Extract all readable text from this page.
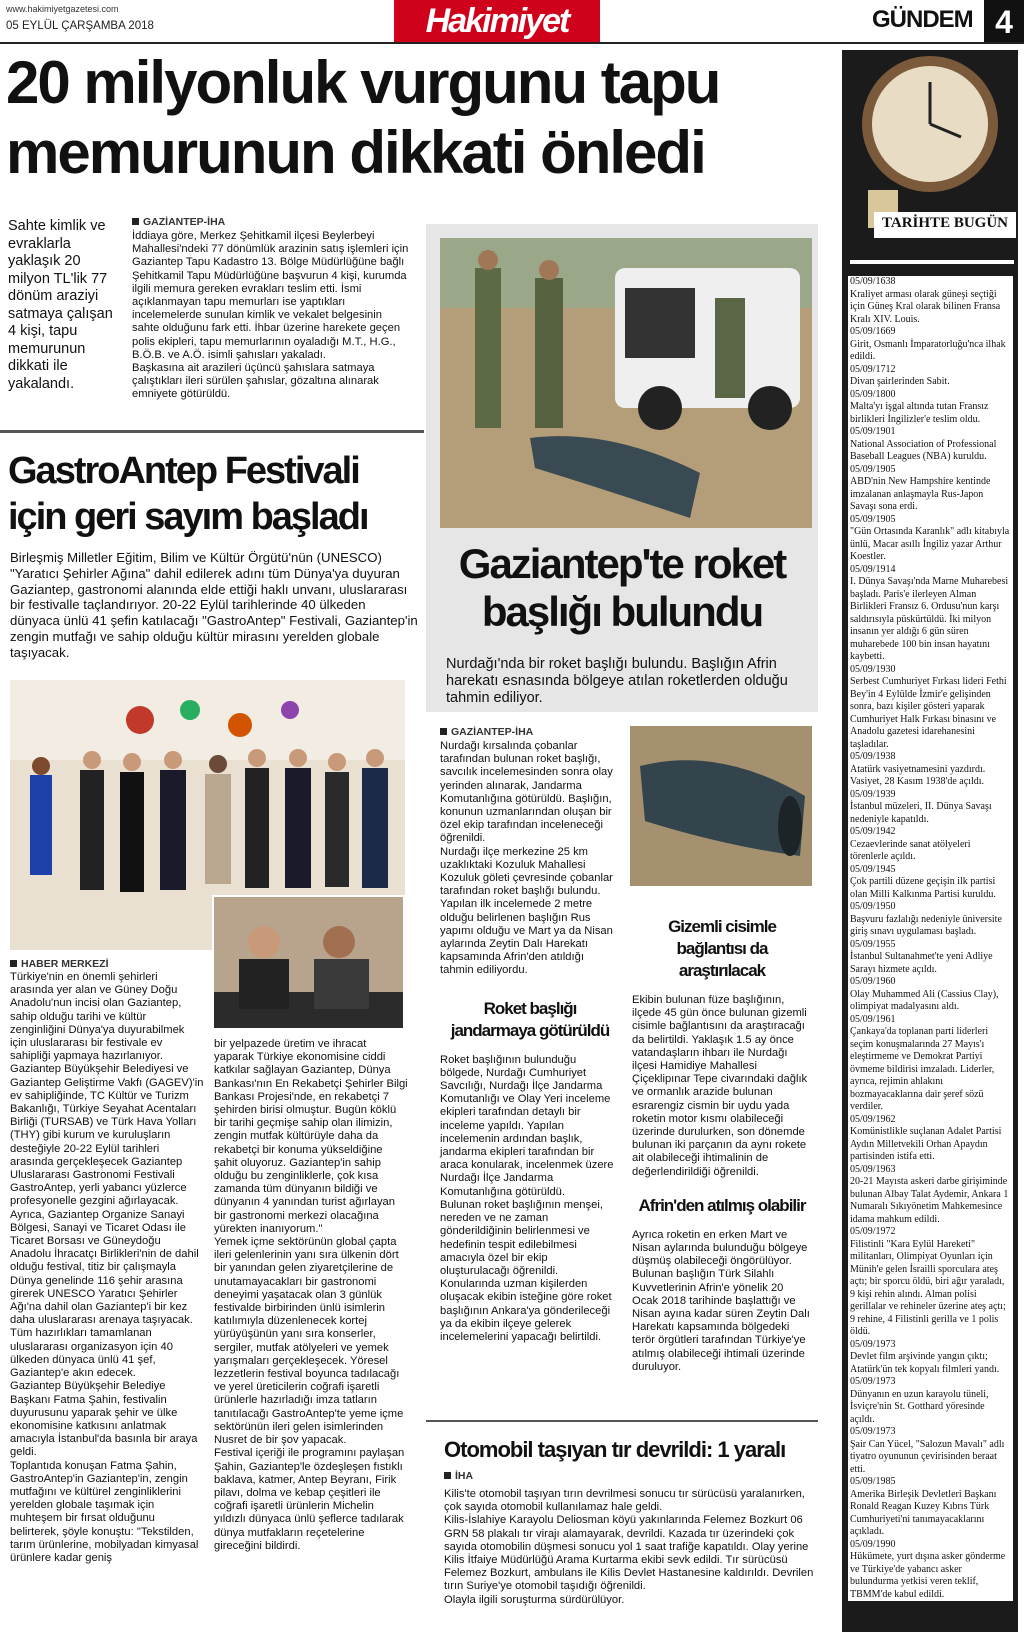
www.hakimiyetgazetesi.com
05 EYLÜL ÇARŞAMBA 2018	Hakimiyet	GÜNDEM 4
20 milyonluk vurgunu tapu
memurunun dikkati önledi
Sahte kimlik ve evraklarla yaklaşık 20 milyon TL'lik 77 dönüm araziyi satmaya çalışan 4 kişi, tapu memurunun dikkati ile yakalandı.
GAZİANTEP-İHA

İddiaya göre, Merkez Şehitkamil ilçesi Beylerbeyi Mahallesi'ndeki 77 dönümlük arazinin satış işlemleri için Gaziantep Tapu Kadastro 13. Bölge Müdürlüğüne bağlı Şehitkamil Tapu Müdürlüğüne başvurun 4 kişi, kurumda ilgili memura gereken evrakları teslim etti. İsmi açıklanmayan tapu memurları ise yaptıkları incelemelerde sunulan kimlik ve vekalet belgesinin sahte olduğunu fark etti. İhbar üzerine harekete geçen polis ekipleri, tapu memurlarının oyaladığı M.T., H.G., B.Ö.B. ve A.Ö. isimli şahısları yakaladı.

Başkasına ait arazileri üçüncü şahıslara satmaya çalıştıkları ileri sürülen şahıslar, gözaltına alınarak emniyete götürüldü.

GastroAntep Festivali
için geri sayım başladı
Birleşmiş Milletler Eğitim, Bilim ve Kültür Örgütü'nün (UNESCO) "Yaratıcı Şehirler Ağına" dahil edilerek adını tüm Dünya'ya duyuran Gaziantep, gastronomi alanında elde ettiği haklı unvanı, uluslararası bir festivalle taçlandırıyor. 20-22 Eylül tarihlerinde 40 ülkeden dünyaca ünlü 41 şefin katılacağı "GastroAntep" Festivali, Gaziantep'in zengin mutfağı ve sahip olduğu kültür mirasını yerelden globale taşıyacak.
HABER MERKEZİ

Türkiye'nin en önemli şehirleri arasında yer alan ve Güney Doğu Anadolu'nun incisi olan Gaziantep, sahip olduğu tarihi ve kültür zenginliğini Dünya'ya duyurabilmek için uluslararası bir festivale ev sahipliği yapmaya hazırlanıyor. Gaziantep Büyükşehir Belediyesi ve Gaziantep Geliştirme Vakfı (GAGEV)'in ev sahipliğinde, TC Kültür ve Turizm Bakanlığı, Türkiye Seyahat Acentaları Birliği (TURSAB) ve Türk Hava Yolları (THY) gibi kurum ve kuruluşların desteğiyle 20-22 Eylül tarihleri arasında gerçekleşecek Gaziantep Uluslararası Gastronomi Festivali GastroAntep, yerli yabancı yüzlerce profesyonelle gezgini ağırlayacak.

Ayrıca, Gaziantep Organize Sanayi Bölgesi, Sanayi ve Ticaret Odası ile Ticaret Borsası ve Güneydoğu Anadolu İhracatçı Birlikleri'nin de dahil olduğu festival, titiz bir çalışmayla Dünya genelinde 116 şehir arasına girerek UNESCO Yaratıcı Şehirler Ağı'na dahil olan Gaziantep'i bir kez daha uluslararası arenaya taşıyacak. Tüm hazırlıkları tamamlanan uluslararası organizasyon için 40 ülkeden dünyaca ünlü 41 şef, Gaziantep'e akın edecek.

Gaziantep Büyükşehir Belediye Başkanı Fatma Şahin, festivalin duyurusunu yaparak şehir ve ülke ekonomisine katkısını anlatmak amacıyla İstanbul'da basınla bir araya geldi.

Toplantıda konuşan Fatma Şahin, GastroAntep'in Gaziantep'in, zengin mutfağını ve kültürel zenginliklerini yerelden globale taşımak için muhteşem bir fırsat olduğunu belirterek, şöyle konuştu: "Tekstilden, tarım ürünlerine, mobilyadan kimyasal ürünlere kadar geniş

bir yelpazede üretim ve ihracat yaparak Türkiye ekonomisine ciddi katkılar sağlayan Gaziantep, Dünya Bankası'nın En Rekabetçi Şehirler Bilgi Bankası Projesi'nde, en rekabetçi 7 şehirden birisi olmuştur. Bugün köklü bir tarihi geçmişe sahip olan ilimizin, zengin mutfak kültürüyle daha da rekabetçi bir konuma yükseldiğine şahit oluyoruz. Gaziantep'in sahip olduğu bu zenginliklerle, çok kısa zamanda tüm dünyanın bildiği ve dünyanın 4 yanından turist ağırlayan bir gastronomi merkezi olacağına yürekten inanıyorum."

Yemek içme sektörünün global çapta ileri gelenlerinin yanı sıra ülkenin dört bir yanından gelen ziyaretçilerine de unutamayacakları bir gastronomi deneyimi yaşatacak olan 3 günlük festivalde birbirinden ünlü isimlerin katılımıyla düzenlenecek kortej yürüyüşünün yanı sıra konserler, sergiler, mutfak atölyeleri ve yemek yarışmaları gerçekleşecek. Yöresel lezzetlerin festival boyunca tadılacağı ve yerel üreticilerin coğrafi işaretli ürünlerle hazırladığı imza tatların tanıtılacağı GastroAntep'te yeme içme sektörünün ileri gelen isimlerinden Nusret de bir şov yapacak.

Festival içeriği ile programını paylaşan Şahin, Gaziantep'le özdeşleşen fıstıklı baklava, katmer, Antep Beyranı, Firik pilavı, dolma ve kebap çeşitleri ile coğrafi işaretli ürünlerin Michelin yıldızlı dünyaca ünlü şeflerce tadılarak dünya mutfakların reçetelerine gireceğini bildirdi.

Gaziantep'te roket
başlığı bulundu
Nurdağı'nda bir roket başlığı bulundu. Başlığın Afrin harekatı esnasında bölgeye atılan roketlerden olduğu tahmin ediliyor.
GAZİANTEP-İHA

Nurdağı kırsalında çobanlar tarafından bulunan roket başlığı, savcılık incelemesinden sonra olay yerinden alınarak, Jandarma Komutanlığına götürüldü. Başlığın, konunun uzmanlarından oluşan bir özel ekip tarafından inceleneceği öğrenildi.

Nurdağı ilçe merkezine 25 km uzaklıktaki Kozuluk Mahallesi Kozuluk göleti çevresinde çobanlar tarafından roket başlığı bulundu. Yapılan ilk incelemede 2 metre olduğu belirlenen başlığın Rus yapımı olduğu ve Mart ya da Nisan aylarında Zeytin Dalı Harekatı kapsamında Afrin'den atıldığı tahmin ediliyordu.

Roket başlığı jandarmaya götürüldü

Roket başlığının bulunduğu bölgede, Nurdağı Cumhuriyet Savcılığı, Nurdağı İlçe Jandarma Komutanlığı ve Olay Yeri inceleme ekipleri tarafından detaylı bir inceleme yapıldı. Yapılan incelemenin ardından başlık, jandarma ekipleri tarafından bir araca konularak, incelenmek üzere Nurdağı İlçe Jandarma Komutanlığına götürüldü.

Bulunan roket başlığının menşei, nereden ve ne zaman gönderildiğinin belirlenmesi ve hedefinin tespit edilebilmesi amacıyla özel bir ekip oluşturulacağı öğrenildi. Konularında uzman kişilerden oluşacak ekibin isteğine göre roket başlığının Ankara'ya gönderileceği ya da ekibin ilçeye gelerek incelemelerini yapacağı belirtildi.

Gizemli cisimle bağlantısı da araştırılacak

Ekibin bulunan füze başlığının, ilçede 45 gün önce bulunan gizemli cisimle bağlantısını da araştıracağı da belirtildi. Yaklaşık 1.5 ay önce vatandaşların ihbarı ile Nurdağı ilçesi Hamidiye Mahallesi Çiçeklipınar Tepe civarındaki dağlık ve ormanlık arazide bulunan esrarengiz cismin bir uydu yada roketin motor kısmı olabileceği üzerinde durulurken, son dönemde bulunan iki parçanın da aynı rokete ait olabileceği ihtimalinin de değerlendirildiği öğrenildi.

Afrin'den atılmış olabilir

Ayrıca roketin en erken Mart ve Nisan aylarında bulunduğu bölgeye düşmüş olabileceği öngörülüyor. Bulunan başlığın Türk Silahlı Kuvvetlerinin Afrin'e yönelik 20 Ocak 2018 tarihinde başlattığı ve Nisan ayına kadar süren Zeytin Dalı Harekatı kapsamında bölgedeki terör örgütleri tarafından Türkiye'ye atılmış olabileceği ihtimali üzerinde duruluyor.

Otomobil taşıyan tır devrildi: 1 yaralı
İHA

Kilis'te otomobil taşıyan tırın devrilmesi sonucu tır sürücüsü yaralanırken, çok sayıda otomobil kullanılamaz hale geldi.

Kilis-İslahiye Karayolu Deliosman köyü yakınlarında Felemez Bozkurt 06 GRN 58 plakalı tır virajı alamayarak, devrildi. Kazada tır üzerindeki çok sayıda otomobilin düşmesi sonucu yol 1 saat trafiğe kapatıldı. Olay yerine Kilis İtfaiye Müdürlüğü Arama Kurtarma ekibi sevk edildi. Tır sürücüsü Felemez Bozkurt, ambulans ile Kilis Devlet Hastanesine kaldırıldı. Devrilen tırın Suriye'ye otomobil taşıdığı öğrenildi.

Olayla ilgili soruşturma sürdürülüyor.

TARİHTE BUGÜN
05/09/1638
Kraliyet arması olarak güneşi seçtiği için Güneş Kral olarak bilinen Fransa Kralı XIV. Louis.
05/09/1669
Girit, Osmanlı İmparatorluğu'nca ilhak edildi.
05/09/1712
Divan şairlerinden Sabit.
05/09/1800
Malta'yı işgal altında tutan Fransız birlikleri İngilizler'e teslim oldu.
05/09/1901
National Association of Professional Baseball Leagues (NBA) kuruldu.
05/09/1905
ABD'nin New Hampshire kentinde imzalanan anlaşmayla Rus-Japon Savaşı sona erdi.
05/09/1905
"Gün Ortasında Karanlık" adlı kitabıyla ünlü, Macar asıllı İngiliz yazar Arthur Koestler.
05/09/1914
I. Dünya Savaşı'nda Marne Muharebesi başladı. Paris'e ilerleyen Alman Birlikleri Fransız 6. Ordusu'nun karşı saldırısıyla püskürtüldü. İki milyon insanın yer aldığı 6 gün süren muharebede 100 bin insan hayatını kaybetti.
05/09/1930
Serbest Cumhuriyet Fırkası lideri Fethi Bey'in 4 Eylülde İzmir'e gelişinden sonra, bazı kişiler gösteri yaparak Cumhuriyet Halk Fırkası binasını ve Anadolu gazetesi idarehanesini taşladılar.
05/09/1938
Atatürk vasiyetnamesini yazdırdı. Vasiyet, 28 Kasım 1938'de açıldı.
05/09/1939
İstanbul müzeleri, II. Dünya Savaşı nedeniyle kapatıldı.
05/09/1942
Cezaevlerinde sanat atölyeleri törenlerle açıldı.
05/09/1945
Çok partili düzene geçişin ilk partisi olan Milli Kalkınma Partisi kuruldu.
05/09/1950
Başvuru fazlalığı nedeniyle üniversite giriş sınavı uygulaması başladı.
05/09/1955
İstanbul Sultanahmet'te yeni Adliye Sarayı hizmete açıldı.
05/09/1960
Olay Muhammed Ali (Cassius Clay), olimpiyat madalyasını aldı.
05/09/1961
Çankaya'da toplanan parti liderleri seçim konuşmalarında 27 Mayıs'ı eleştirmeme ve Demokrat Partiyi övmeme bildirisi imzaladı. Liderler, ayrıca, rejimin ahlakını bozmayacaklarına dair şeref sözü verdiler.
05/09/1962
Komünistlikle suçlanan Adalet Partisi Aydın Milletvekili Orhan Apaydın partisinden istifa etti.
05/09/1963
20-21 Mayısta askeri darbe girişiminde bulunan Albay Talat Aydemir, Ankara 1 Numaralı Sıkıyönetim Mahkemesince idama mahkum edildi.
05/09/1972
Filistinli "Kara Eylül Hareketi" militanları, Olimpiyat Oyunları için Münih'e gelen İsrailli sporculara ateş açtı; bir sporcu öldü, biri ağır yaraladı, 9 kişi rehin alındı. Alman polisi gerillalar ve rehineler üzerine ateş açtı; 9 rehine, 4 Filistinli gerilla ve 1 polis öldü.
05/09/1973
Devlet film arşivinde yangın çıktı; Atatürk'ün tek kopyalı filmleri yandı.
05/09/1973
Dünyanın en uzun karayolu tüneli, İsviçre'nin St. Gotthard yöresinde açıldı.
05/09/1973
Şair Can Yücel, "Salozun Mavalı" adlı tiyatro oyununun çevirisinden beraat etti.
05/09/1985
Amerika Birleşik Devletleri Başkanı Ronald Reagan Kuzey Kıbrıs Türk Cumhuriyeti'ni tanımayacaklarını açıkladı.
05/09/1990
Hükümete, yurt dışına asker gönderme ve Türkiye'de yabancı asker bulundurma yetkisi veren teklif, TBMM'de kabul edildi.
